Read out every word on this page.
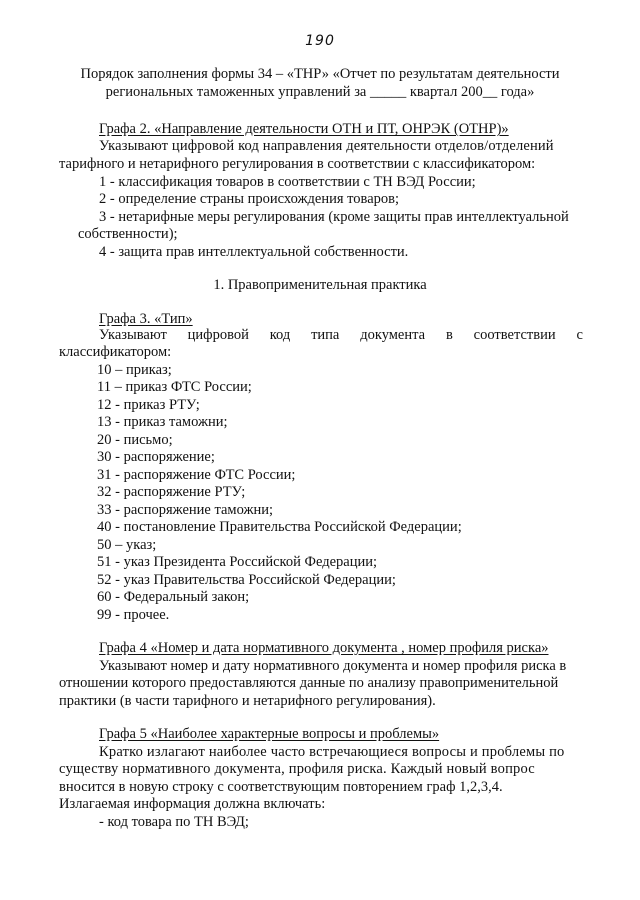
190
Порядок заполнения формы 34 – «ТНР» «Отчет по результатам деятельности
региональных таможенных управлений за _____ квартал 200__ года»
Графа 2. «Направление деятельности ОТН и ПТ, ОНРЭК (ОТНР)»
Указывают цифровой код направления деятельности отделов/отделений
тарифного и нетарифного регулирования в соответствии с классификатором:
1 - классификация товаров в соответствии с ТН ВЭД России;
2 - определение страны происхождения товаров;
3 - нетарифные меры регулирования (кроме защиты прав интеллектуальной
собственности);
4 - защита прав интеллектуальной собственности.
1. Правоприменительная практика
Графа 3. «Тип»
Указывают цифровой код типа документа в соответствии с
классификатором:
10 – приказ;
11 – приказ ФТС России;
12 - приказ РТУ;
13 - приказ таможни;
20 - письмо;
30 - распоряжение;
31 - распоряжение ФТС России;
32 - распоряжение РТУ;
33 - распоряжение таможни;
40 - постановление Правительства Российской Федерации;
50 – указ;
51 - указ Президента Российской Федерации;
52 - указ Правительства Российской Федерации;
60 - Федеральный закон;
99 - прочее.
Графа 4 «Номер и дата нормативного документа , номер профиля риска»
Указывают номер и дату нормативного документа и номер профиля риска в
отношении которого предоставляются данные по анализу правоприменительной
практики (в части тарифного и нетарифного регулирования).
Графа 5 «Наиболее характерные вопросы и проблемы»
Кратко излагают наиболее часто встречающиеся вопросы и проблемы по
существу нормативного документа, профиля риска. Каждый новый вопрос
вносится в новую строку с соответствующим повторением граф 1,2,3,4.
Излагаемая информация должна включать:
- код товара по ТН ВЭД;
